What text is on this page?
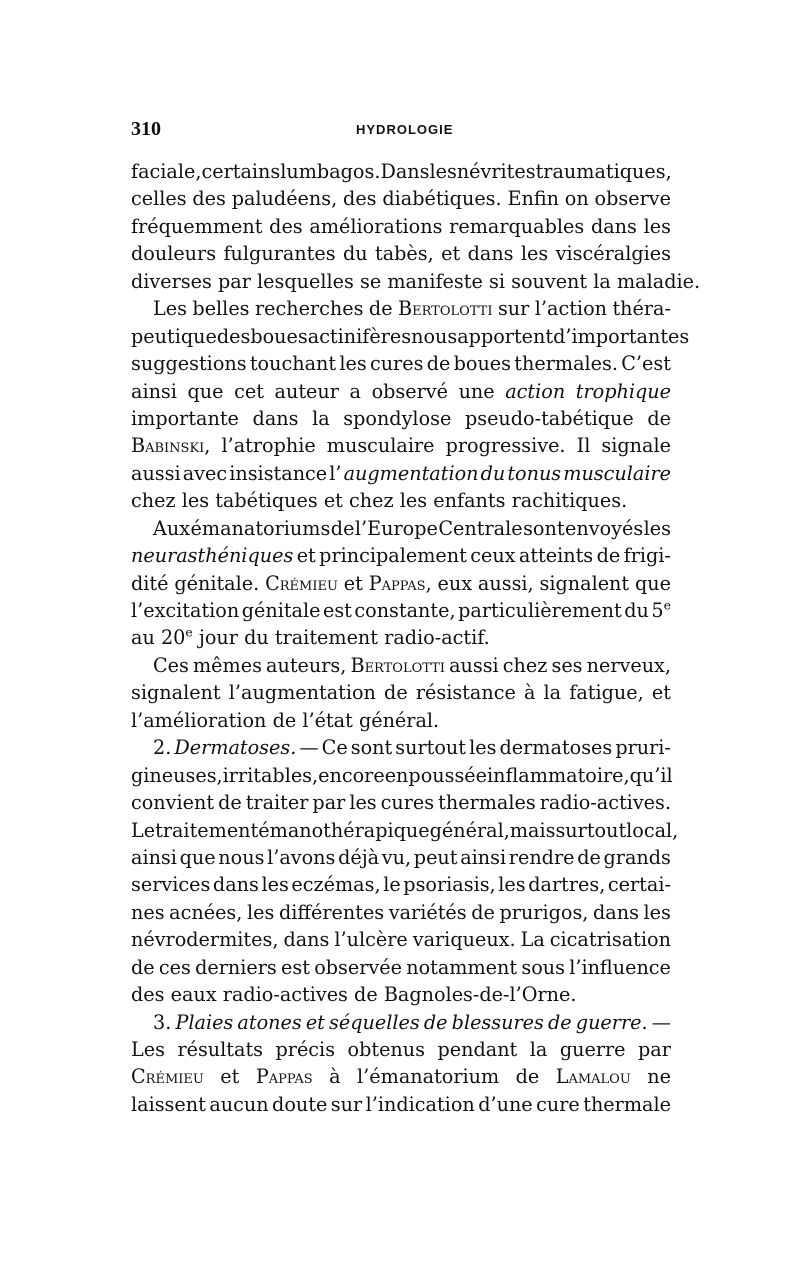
310	HYDROLOGIE
faciale, certains lumbagos. Dans les névrites traumatiques,
celles des paludéens, des diabétiques. Enfin on observe
fréquemment des améliorations remarquables dans les
douleurs fulgurantes du tabès, et dans les viscéralgies
diverses par lesquelles se manifeste si souvent la maladie.
Les belles recherches de Bertolotti sur l’action théra-
peutique des boues actinifères nous apportent d’importantes
suggestions touchant les cures de boues thermales. C’est
ainsi que cet auteur a observé une action trophique
importante dans la spondylose pseudo-tabétique de
Babinski, l’atrophie musculaire progressive. Il signale
aussi avec insistance l’ augmentation du tonus musculaire
chez les tabétiques et chez les enfants rachitiques.
Aux émanatoriums de l’Europe Centrale sont envoyés les
neurasthéniques et principalement ceux atteints de frigi-
dité génitale. Crémieu et Pappas, eux aussi, signalent que
l’excitation génitale est constante, particulièrement du 5e
au 20e jour du traitement radio-actif.
Ces mêmes auteurs, Bertolotti aussi chez ses nerveux,
signalent l’augmentation de résistance à la fatigue, et
l’amélioration de l’état général.
2. Dermatoses. — Ce sont surtout les dermatoses pruri-
gineuses, irritables, encore en poussée inflammatoire, qu’il
convient de traiter par les cures thermales radio-actives.
Le traitement émanothérapique général, mais surtout local,
ainsi que nous l’avons déjà vu, peut ainsi rendre de grands
services dans les eczémas, le psoriasis, les dartres, certai-
nes acnées, les différentes variétés de prurigos, dans les
névrodermites, dans l’ulcère variqueux. La cicatrisation
de ces derniers est observée notamment sous l’influence
des eaux radio-actives de Bagnoles-de-l’Orne.
3. Plaies atones et séquelles de blessures de guerre. —
Les résultats précis obtenus pendant la guerre par
Crémieu et Pappas à l’émanatorium de Lamalou ne
laissent aucun doute sur l’indication d’une cure thermale
